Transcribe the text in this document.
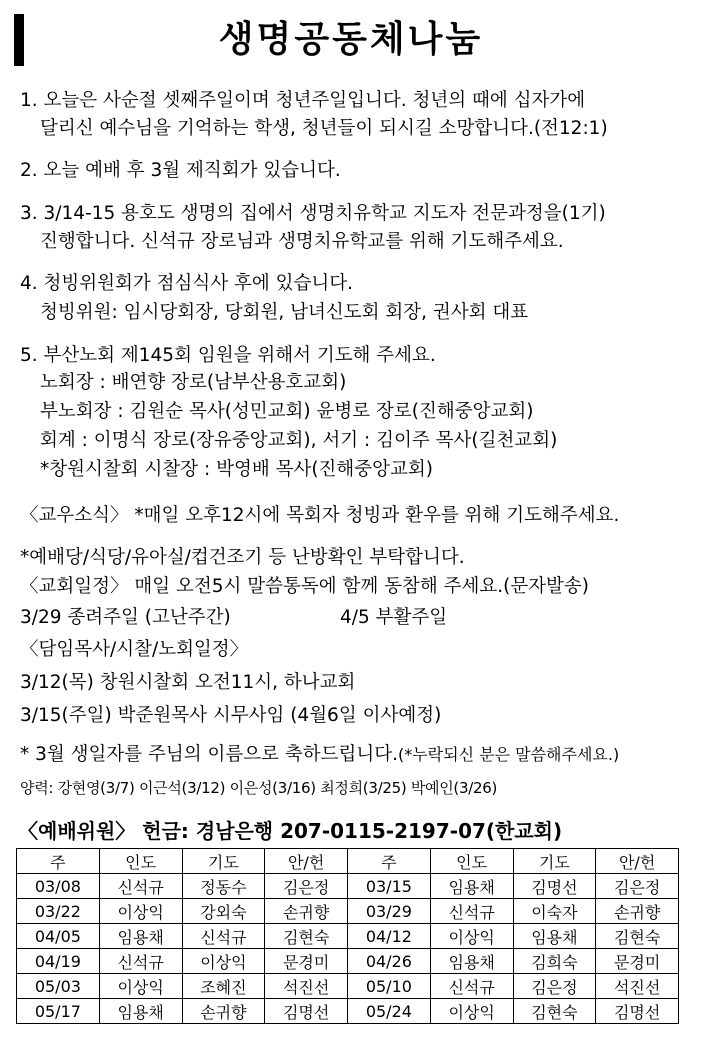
생명공동체나눔
1. 오늘은 사순절 셋째주일이며 청년주일입니다. 청년의 때에 십자가에
달리신 예수님을 기억하는 학생, 청년들이 되시길 소망합니다.(전12:1)
2. 오늘 예배 후 3월 제직회가 있습니다.
3. 3/14-15 용호도 생명의 집에서 생명치유학교 지도자 전문과정을(1기)
진행합니다. 신석규 장로님과 생명치유학교를 위해 기도해주세요.
4. 청빙위원회가 점심식사 후에 있습니다.
청빙위원: 임시당회장, 당회원, 남녀신도회 회장, 권사회 대표
5. 부산노회 제145회 임원을 위해서 기도해 주세요.
노회장 : 배연향 장로(남부산용호교회)
부노회장 : 김원순 목사(성민교회) 윤병로 장로(진해중앙교회)
회계 : 이명식 장로(장유중앙교회), 서기 : 김이주 목사(길천교회)
*창원시찰회 시찰장 : 박영배 목사(진해중앙교회)
〈교우소식〉 *매일 오후12시에 목회자 청빙과 환우를 위해 기도해주세요.
*예배당/식당/유아실/컵건조기 등 난방확인 부탁합니다.
〈교회일정〉 매일 오전5시 말씀통독에 함께 동참해 주세요.(문자발송)
3/29 종려주일 (고난주간)	4/5 부활주일
〈담임목사/시찰/노회일정〉
3/12(목) 창원시찰회 오전11시, 하나교회
3/15(주일) 박준원목사 시무사임 (4월6일 이사예정)
* 3월 생일자를 주님의 이름으로 축하드립니다.(*누락되신 분은 말씀해주세요.)
양력: 강현영(3/7) 이근석(3/12) 이은성(3/16) 최정희(3/25) 박예인(3/26)
〈예배위원〉 헌금: 경남은행 207-0115-2197-07(한교회)
주	인도	기도	안/헌	주	인도	기도	안/헌
03/08	신석규	정동수	김은정	03/15	임용채	김명선	김은정
03/22	이상익	강외숙	손귀향	03/29	신석규	이숙자	손귀향
04/05	임용채	신석규	김현숙	04/12	이상익	임용채	김현숙
04/19	신석규	이상익	문경미	04/26	임용채	김희숙	문경미
05/03	이상익	조혜진	석진선	05/10	신석규	김은정	석진선
05/17	임용채	손귀향	김명선	05/24	이상익	김현숙	김명선
